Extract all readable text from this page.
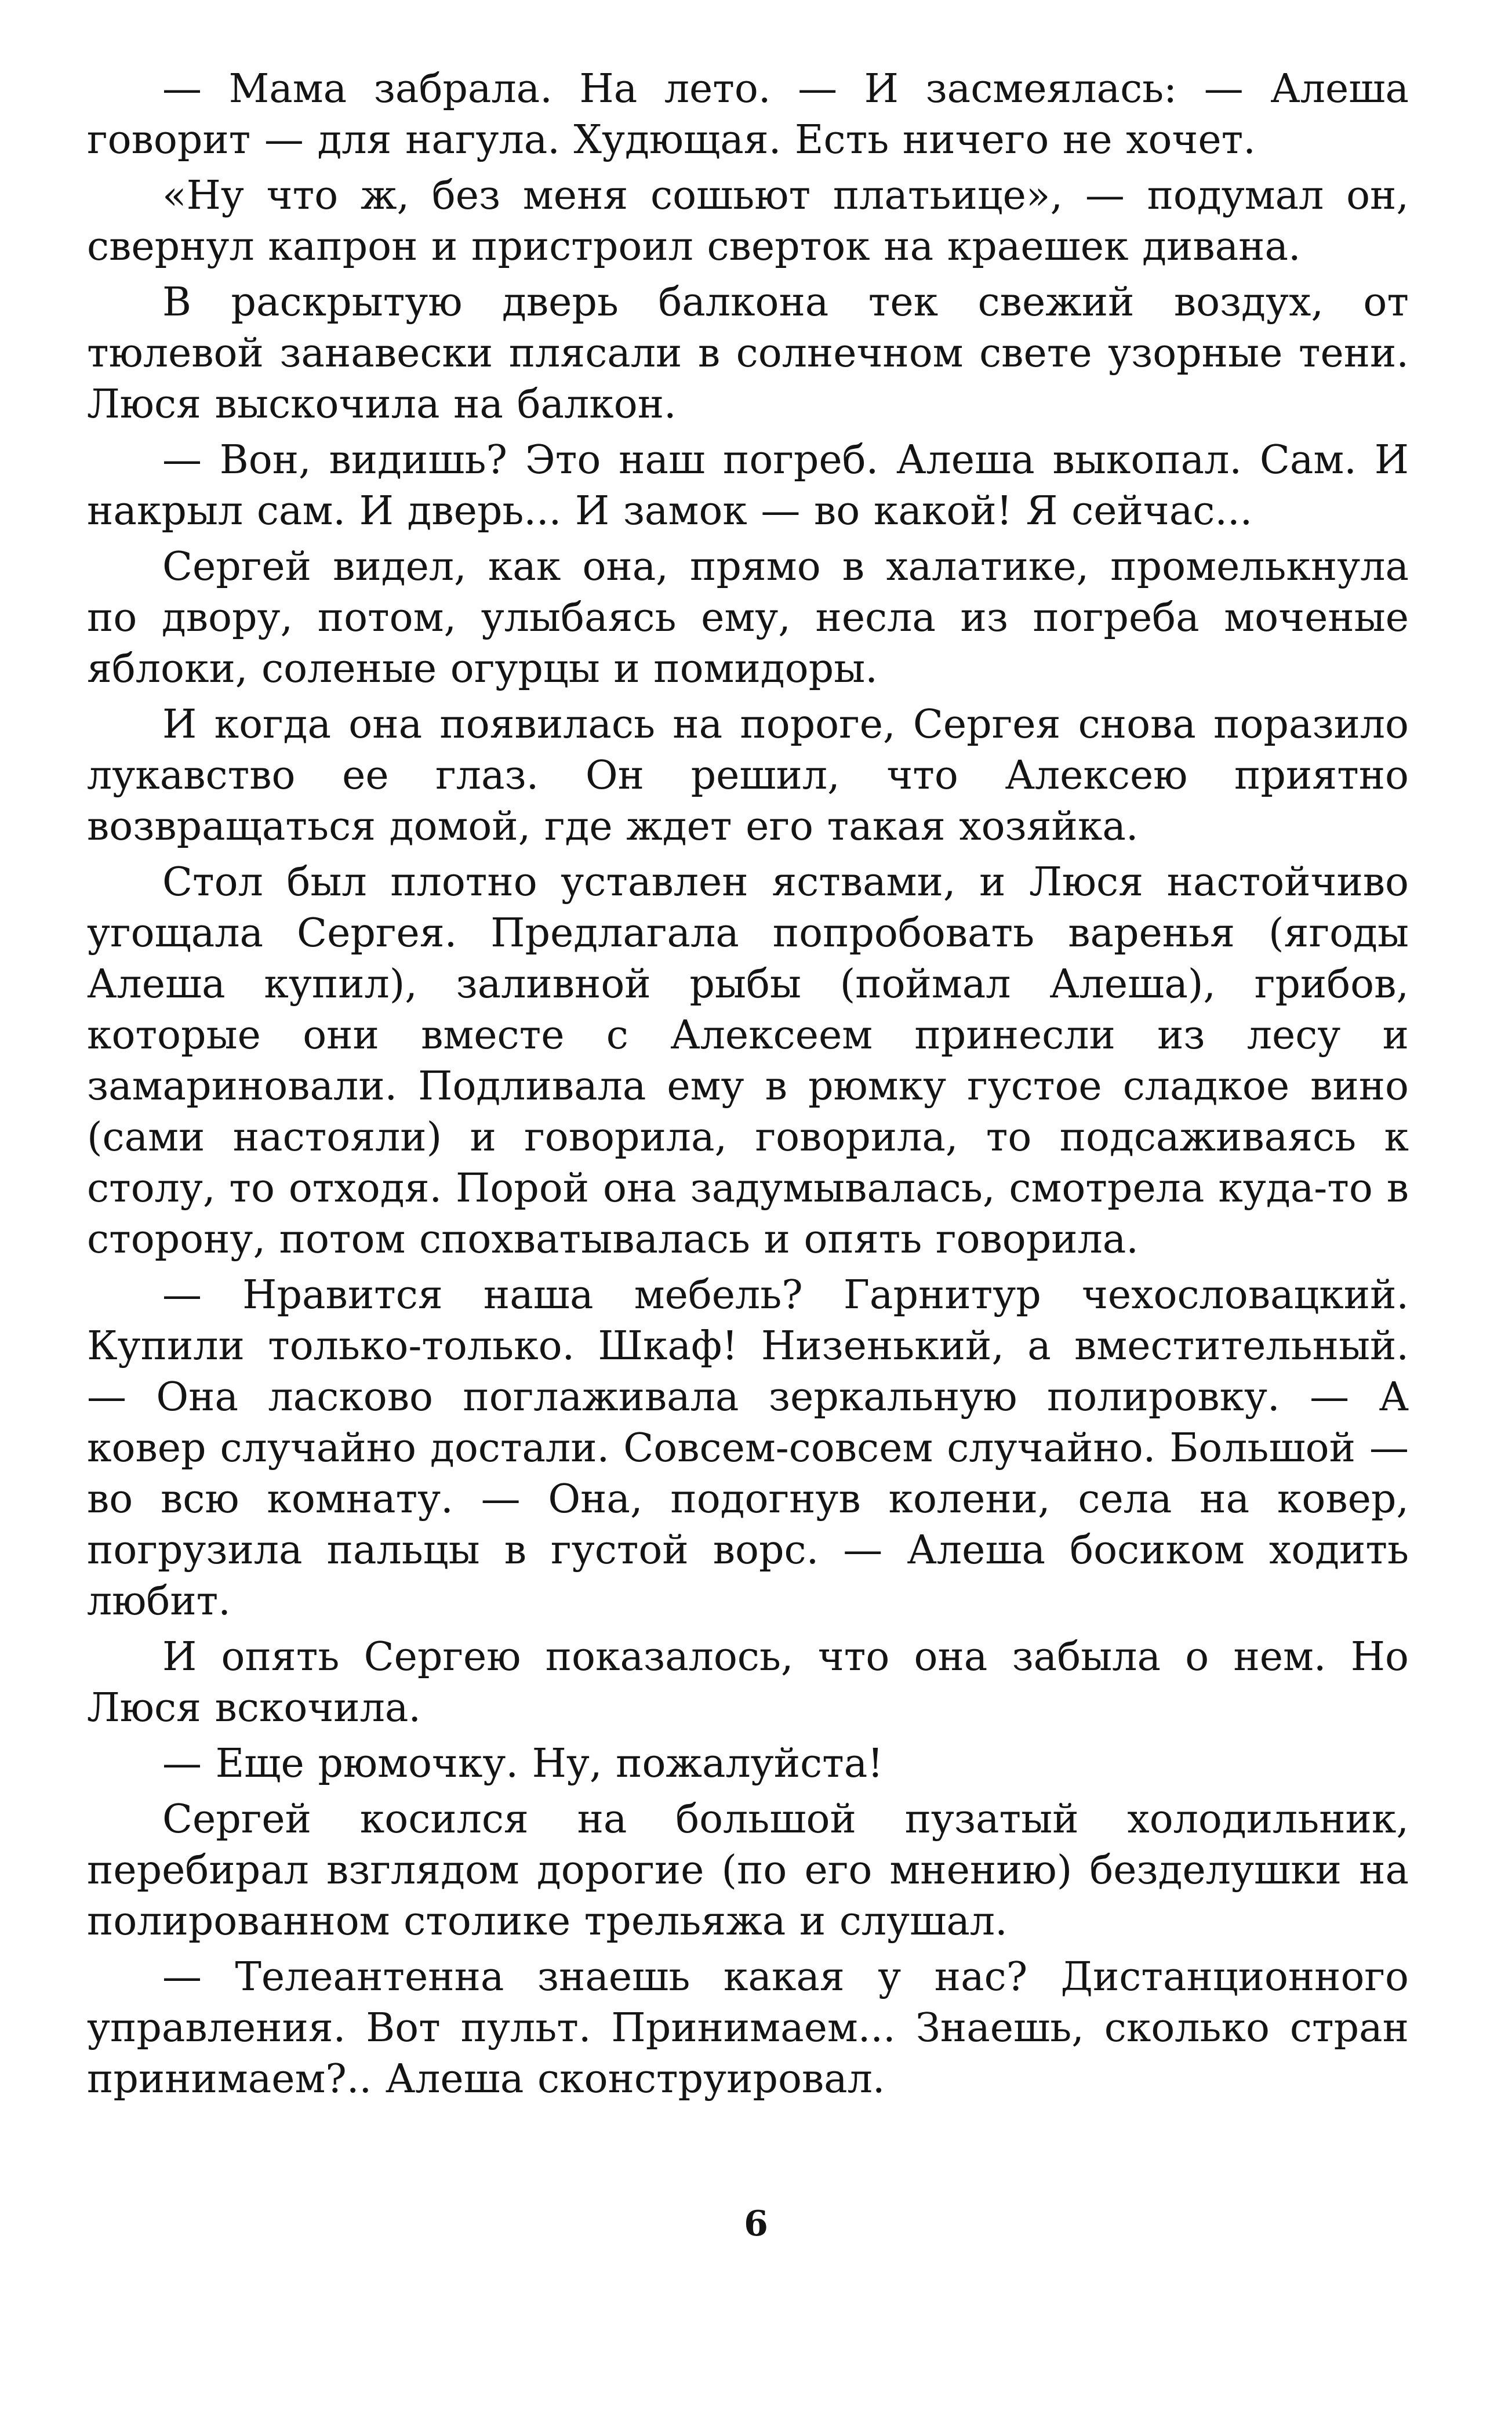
— Мама забрала. На лето. — И засмеялась: — Алеша говорит — для нагула. Худющая. Есть ничего не хочет.

«Ну что ж, без меня сошьют платьице», — подумал он, свернул капрон и пристроил сверток на краешек дивана.

В раскрытую дверь балкона тек свежий воздух, от тюлевой занавески плясали в солнечном свете узорные тени. Люся выскочила на балкон.

— Вон, видишь? Это наш погреб. Алеша выкопал. Сам. И накрыл сам. И дверь... И замок — во какой! Я сейчас...

Сергей видел, как она, прямо в халатике, промелькнула по двору, потом, улыбаясь ему, несла из погреба моченые яблоки, соленые огурцы и помидоры.

И когда она появилась на пороге, Сергея снова поразило лукавство ее глаз. Он решил, что Алексею приятно возвращаться домой, где ждет его такая хозяйка.

Стол был плотно уставлен яствами, и Люся настойчиво угощала Сергея. Предлагала попробовать варенья (ягоды Алеша купил), заливной рыбы (поймал Алеша), грибов, которые они вместе с Алексеем принесли из лесу и замариновали. Подливала ему в рюмку густое сладкое вино (сами настояли) и говорила, говорила, то подсаживаясь к столу, то отходя. Порой она задумывалась, смотрела куда-то в сторону, потом спохватывалась и опять говорила.

— Нравится наша мебель? Гарнитур чехословацкий. Купили только-только. Шкаф! Низенький, а вместительный. — Она ласково поглаживала зеркальную полировку. — А ковер случайно достали. Совсем-совсем случайно. Большой — во всю комнату. — Она, подогнув колени, села на ковер, погрузила пальцы в густой ворс. — Алеша босиком ходить любит.

И опять Сергею показалось, что она забыла о нем. Но Люся вскочила.

— Еще рюмочку. Ну, пожалуйста!

Сергей косился на большой пузатый холодильник, перебирал взглядом дорогие (по его мнению) безделушки на полированном столике трельяжа и слушал.

— Телеантенна знаешь какая у нас? Дистанционного управления. Вот пульт. Принимаем... Знаешь, сколько стран принимаем?.. Алеша сконструировал.

6
